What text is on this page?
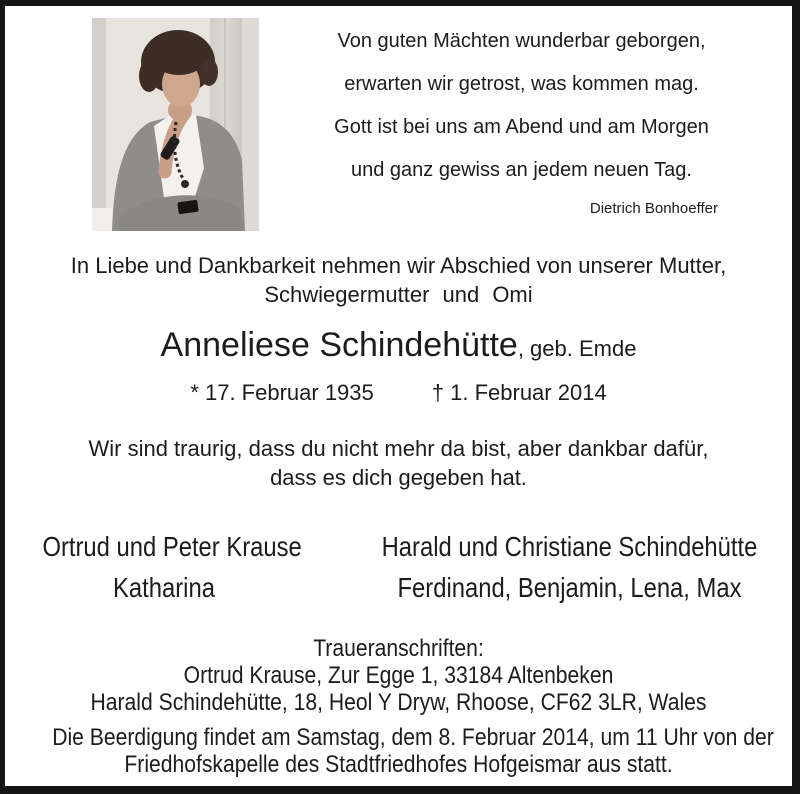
Von guten Mächten wunderbar geborgen,
erwarten wir getrost, was kommen mag.
Gott ist bei uns am Abend und am Morgen
und ganz gewiss an jedem neuen Tag.
Dietrich Bonhoeffer
In Liebe und Dankbarkeit nehmen wir Abschied von unserer Mutter,
Schwiegermutter und Omi
Anneliese Schindehütte, geb. Emde
* 17. Februar 1935	† 1. Februar 2014
Wir sind traurig, dass du nicht mehr da bist, aber dankbar dafür,
dass es dich gegeben hat.
Ortrud und Peter Krause
Katharina
Harald und Christiane Schindehütte
Ferdinand, Benjamin, Lena, Max
Traueranschriften:
Ortrud Krause, Zur Egge 1, 33184 Altenbeken
Harald Schindehütte, 18, Heol Y Dryw, Rhoose, CF62 3LR, Wales
Die Beerdigung findet am Samstag, dem 8. Februar 2014, um 11 Uhr von der
Friedhofskapelle des Stadtfriedhofes Hofgeismar aus statt.
